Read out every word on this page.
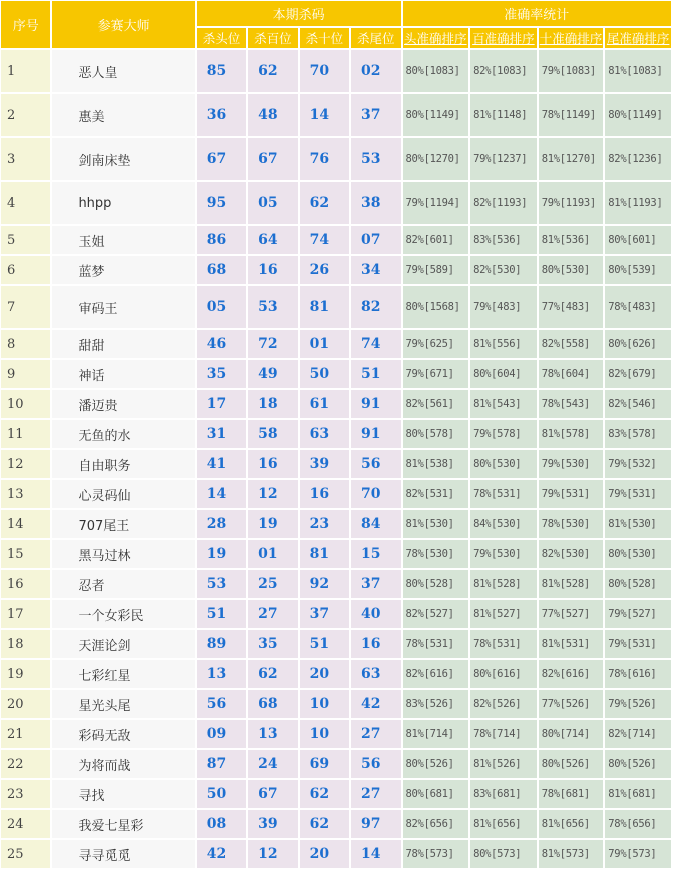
序号	参赛大师	本期杀码				准确率统计			
		杀头位	杀百位	杀十位	杀尾位	头准确排序	百准确排序	十准确排序	尾准确排序
1	恶人皇	85	62	70	02	80%[1083]	82%[1083]	79%[1083]	81%[1083]
2	惠美	36	48	14	37	80%[1149]	81%[1148]	78%[1149]	80%[1149]
3	剑南床垫	67	67	76	53	80%[1270]	79%[1237]	81%[1270]	82%[1236]
4	hhpp	95	05	62	38	79%[1194]	82%[1193]	79%[1193]	81%[1193]
5	玉姐	86	64	74	07	82%[601]	83%[536]	81%[536]	80%[601]
6	蓝梦	68	16	26	34	79%[589]	82%[530]	80%[530]	80%[539]
7	审码王	05	53	81	82	80%[1568]	79%[483]	77%[483]	78%[483]
8	甜甜	46	72	01	74	79%[625]	81%[556]	82%[558]	80%[626]
9	神话	35	49	50	51	79%[671]	80%[604]	78%[604]	82%[679]
10	潘迈贵	17	18	61	91	82%[561]	81%[543]	78%[543]	82%[546]
11	无鱼的水	31	58	63	91	80%[578]	79%[578]	81%[578]	83%[578]
12	自由职务	41	16	39	56	81%[538]	80%[530]	79%[530]	79%[532]
13	心灵码仙	14	12	16	70	82%[531]	78%[531]	79%[531]	79%[531]
14	707尾王	28	19	23	84	81%[530]	84%[530]	78%[530]	81%[530]
15	黑马过林	19	01	81	15	78%[530]	79%[530]	82%[530]	80%[530]
16	忍者	53	25	92	37	80%[528]	81%[528]	81%[528]	80%[528]
17	一个女彩民	51	27	37	40	82%[527]	81%[527]	77%[527]	79%[527]
18	天涯论剑	89	35	51	16	78%[531]	78%[531]	81%[531]	79%[531]
19	七彩红星	13	62	20	63	82%[616]	80%[616]	82%[616]	78%[616]
20	星光头尾	56	68	10	42	83%[526]	82%[526]	77%[526]	79%[526]
21	彩码无敌	09	13	10	27	81%[714]	78%[714]	80%[714]	82%[714]
22	为将而战	87	24	69	56	80%[526]	81%[526]	80%[526]	80%[526]
23	寻找	50	67	62	27	80%[681]	83%[681]	78%[681]	81%[681]
24	我爱七星彩	08	39	62	97	82%[656]	81%[656]	81%[656]	78%[656]
25	寻寻觅觅	42	12	20	14	78%[573]	80%[573]	81%[573]	79%[573]
